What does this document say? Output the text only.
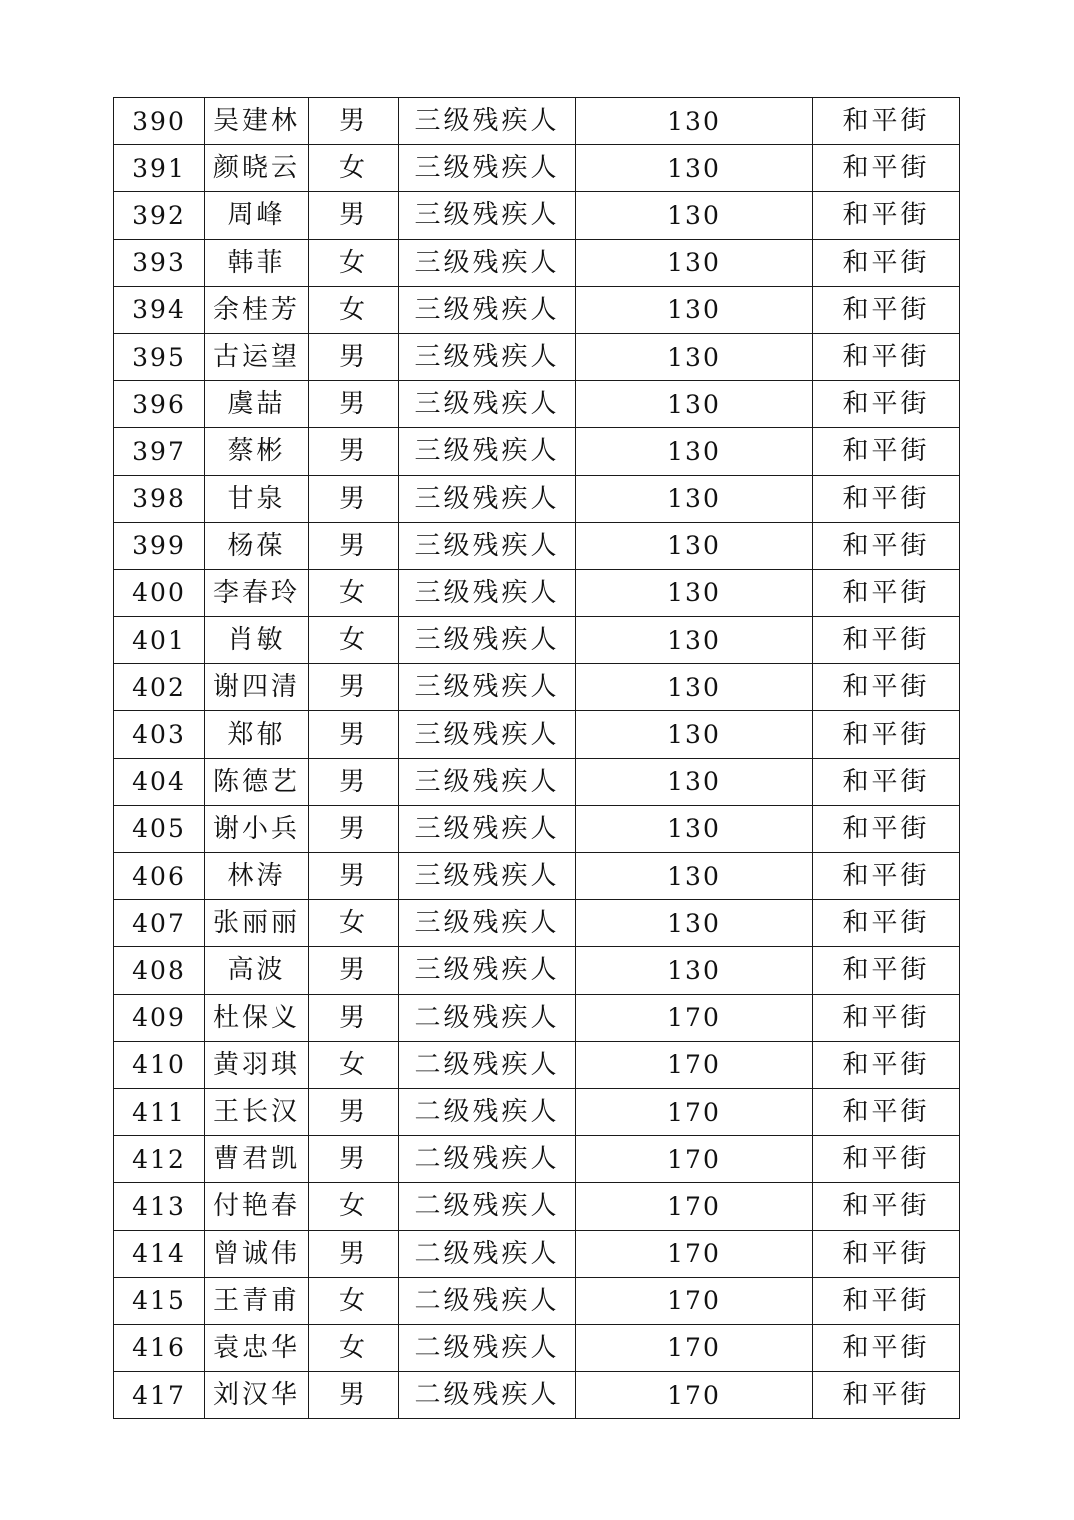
390	吴建林	男	三级残疾人	130	和平街
391	颜晓云	女	三级残疾人	130	和平街
392	周峰	男	三级残疾人	130	和平街
393	韩菲	女	三级残疾人	130	和平街
394	余桂芳	女	三级残疾人	130	和平街
395	古运望	男	三级残疾人	130	和平街
396	虞喆	男	三级残疾人	130	和平街
397	蔡彬	男	三级残疾人	130	和平街
398	甘泉	男	三级残疾人	130	和平街
399	杨葆	男	三级残疾人	130	和平街
400	李春玲	女	三级残疾人	130	和平街
401	肖敏	女	三级残疾人	130	和平街
402	谢四清	男	三级残疾人	130	和平街
403	郑郁	男	三级残疾人	130	和平街
404	陈德艺	男	三级残疾人	130	和平街
405	谢小兵	男	三级残疾人	130	和平街
406	林涛	男	三级残疾人	130	和平街
407	张丽丽	女	三级残疾人	130	和平街
408	高波	男	三级残疾人	130	和平街
409	杜保义	男	二级残疾人	170	和平街
410	黄羽琪	女	二级残疾人	170	和平街
411	王长汉	男	二级残疾人	170	和平街
412	曹君凯	男	二级残疾人	170	和平街
413	付艳春	女	二级残疾人	170	和平街
414	曾诚伟	男	二级残疾人	170	和平街
415	王青甫	女	二级残疾人	170	和平街
416	袁忠华	女	二级残疾人	170	和平街
417	刘汉华	男	二级残疾人	170	和平街
